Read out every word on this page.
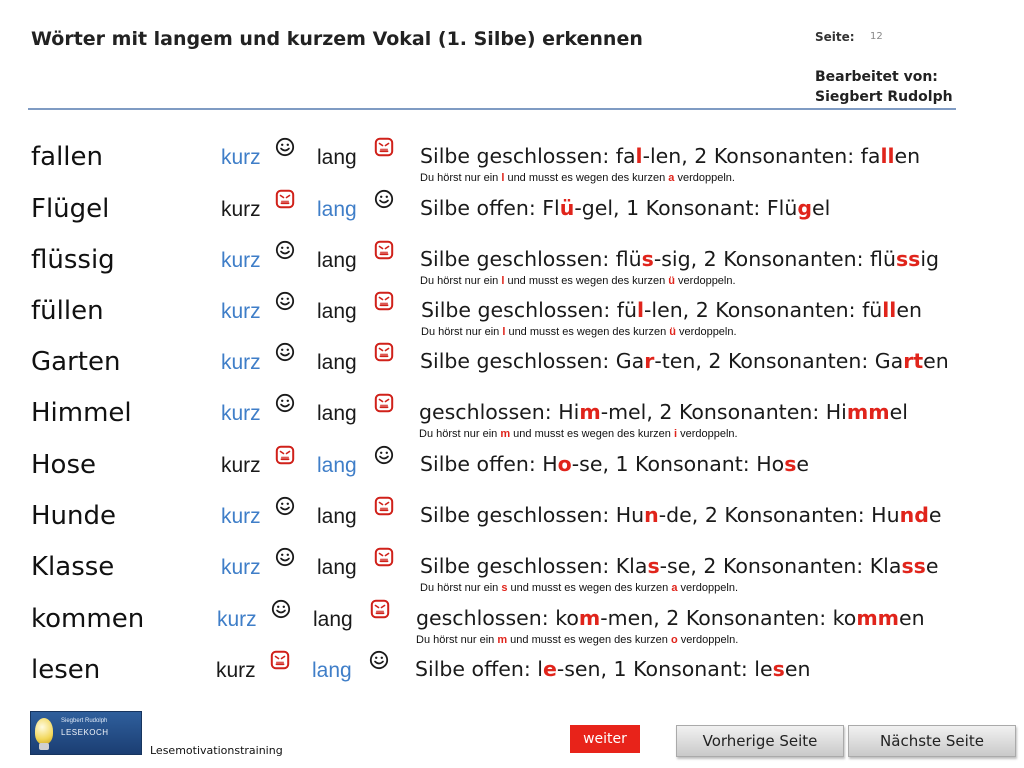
Wörter mit langem und kurzem Vokal (1. Silbe) erkennen	Seite: 12
Bearbeitet von:
Siegbert Rudolph
fallen	kurz	lang	Silbe geschlossen: fal-len, 2 Konsonanten: fallen
Du hörst nur ein l und musst es wegen des kurzen a verdoppeln.
Flügel	kurz	lang	Silbe offen: Flü-gel, 1 Konsonant: Flügel
flüssig	kurz	lang	Silbe geschlossen: flüs-sig, 2 Konsonanten: flüssig
Du hörst nur ein l und musst es wegen des kurzen ü verdoppeln.
füllen	kurz	lang	Silbe geschlossen: fül-len, 2 Konsonanten: füllen
Du hörst nur ein l und musst es wegen des kurzen ü verdoppeln.
Garten	kurz	lang	Silbe geschlossen: Gar-ten, 2 Konsonanten: Garten
Himmel	kurz	lang	geschlossen: Him-mel, 2 Konsonanten: Himmel
Du hörst nur ein m und musst es wegen des kurzen i verdoppeln.
Hose	kurz	lang	Silbe offen: Ho-se, 1 Konsonant: Hose
Hunde	kurz	lang	Silbe geschlossen: Hun-de, 2 Konsonanten: Hunde
Klasse	kurz	lang	Silbe geschlossen: Klas-se, 2 Konsonanten: Klasse
Du hörst nur ein s und musst es wegen des kurzen a verdoppeln.
kommen	kurz	lang	geschlossen: kom-men, 2 Konsonanten: kommen
Du hörst nur ein m und musst es wegen des kurzen o verdoppeln.
lesen	kurz	lang	Silbe offen: le-sen, 1 Konsonant: lesen
Siegbert Rudolph
LESEKOCH
Lesemotivationstraining
weiter	Vorherige Seite	Nächste Seite
